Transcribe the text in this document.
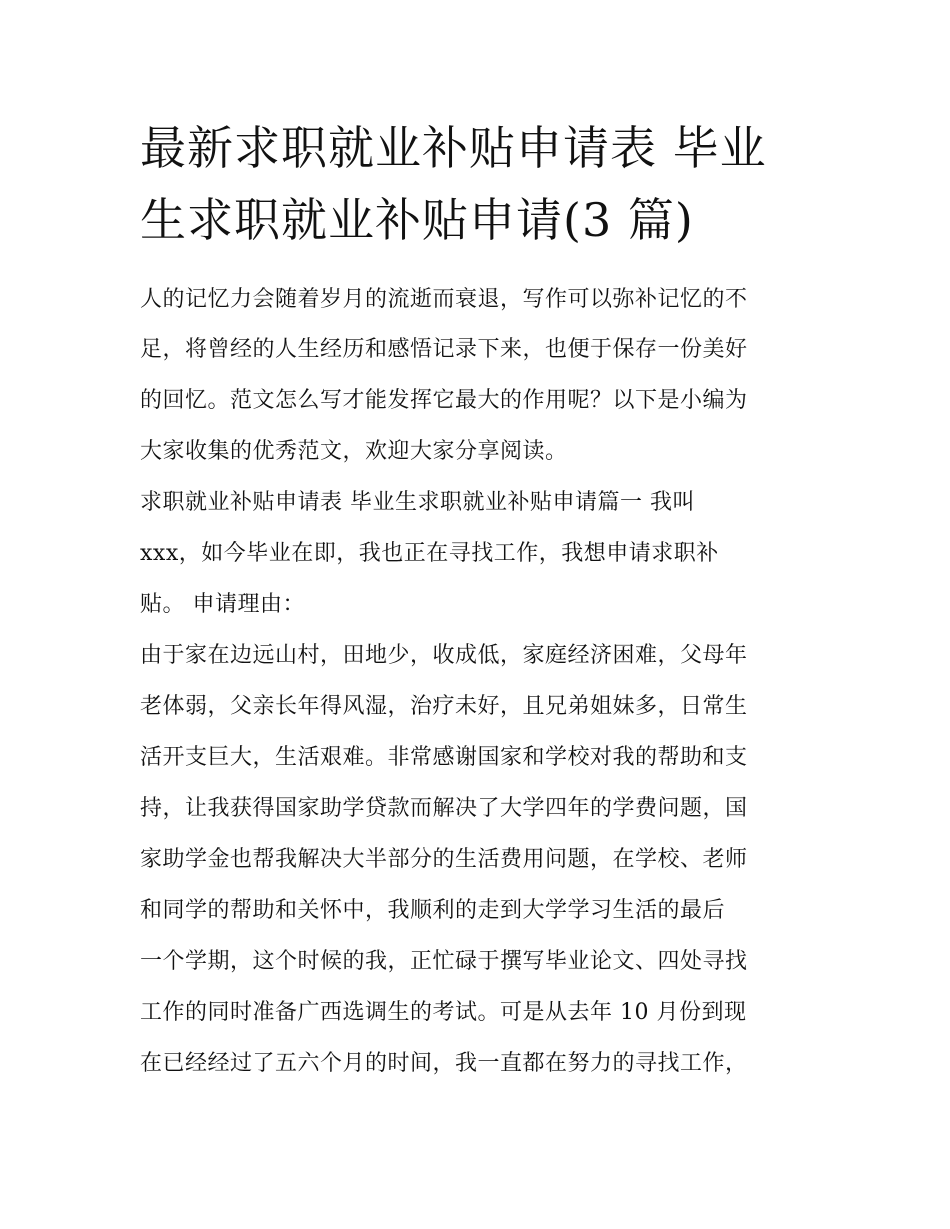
最新求职就业补贴申请表 毕业
生求职就业补贴申请(3 篇)

人的记忆力会随着岁月的流逝而衰退，写作可以弥补记忆的不

足，将曾经的人生经历和感悟记录下来，也便于保存一份美好

的回忆。范文怎么写才能发挥它最大的作用呢？以下是小编为

大家收集的优秀范文，欢迎大家分享阅读。

求职就业补贴申请表 毕业生求职就业补贴申请篇一 我叫

xxx，如今毕业在即，我也正在寻找工作，我想申请求职补

贴。 申请理由：

由于家在边远山村，田地少，收成低，家庭经济困难，父母年

老体弱，父亲长年得风湿，治疗未好，且兄弟姐妹多，日常生

活开支巨大，生活艰难。非常感谢国家和学校对我的帮助和支

持，让我获得国家助学贷款而解决了大学四年的学费问题，国

家助学金也帮我解决大半部分的生活费用问题，在学校、老师

和同学的帮助和关怀中，我顺利的走到大学学习生活的最后

一个学期，这个时候的我，正忙碌于撰写毕业论文、四处寻找

工作的同时准备广西选调生的考试。可是从去年 10 月份到现

在已经经过了五六个月的时间，我一直都在努力的寻找工作，
